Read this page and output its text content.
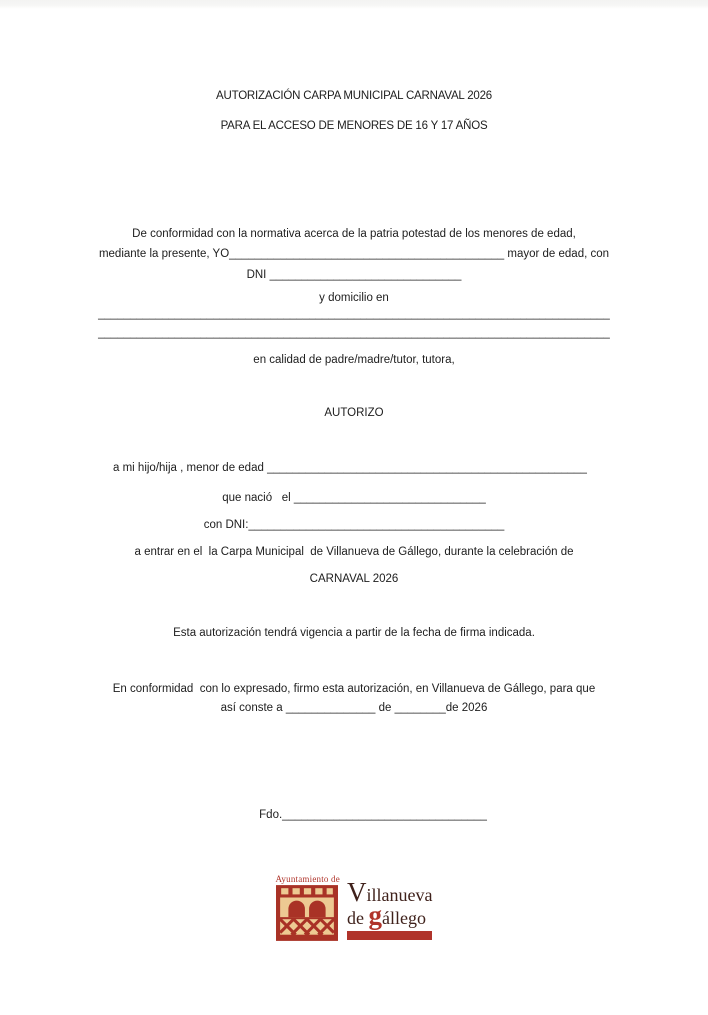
AUTORIZACIÓN CARPA MUNICIPAL CARNAVAL 2026
PARA EL ACCESO DE MENORES DE 16 Y 17 AÑOS
De conformidad con la normativa acerca de la patria potestad de los menores de edad,
mediante la presente, YO___________________________________________ mayor de edad, con
DNI ______________________________
y domicilio en
________________________________________________________________________________
________________________________________________________________________________
en calidad de padre/madre/tutor, tutora,
AUTORIZO
a mi hijo/hija , menor de edad __________________________________________________
que nació   el ______________________________
con DNI:________________________________________
a entrar en el  la Carpa Municipal  de Villanueva de Gállego, durante la celebración de
CARNAVAL 2026
Esta autorización tendrá vigencia a partir de la fecha de firma indicada.
En conformidad  con lo expresado, firmo esta autorización, en Villanueva de Gállego, para que
así conste a ______________ de ________de 2026
Fdo.________________________________
Ayuntamiento de Villanueva
de gállego
